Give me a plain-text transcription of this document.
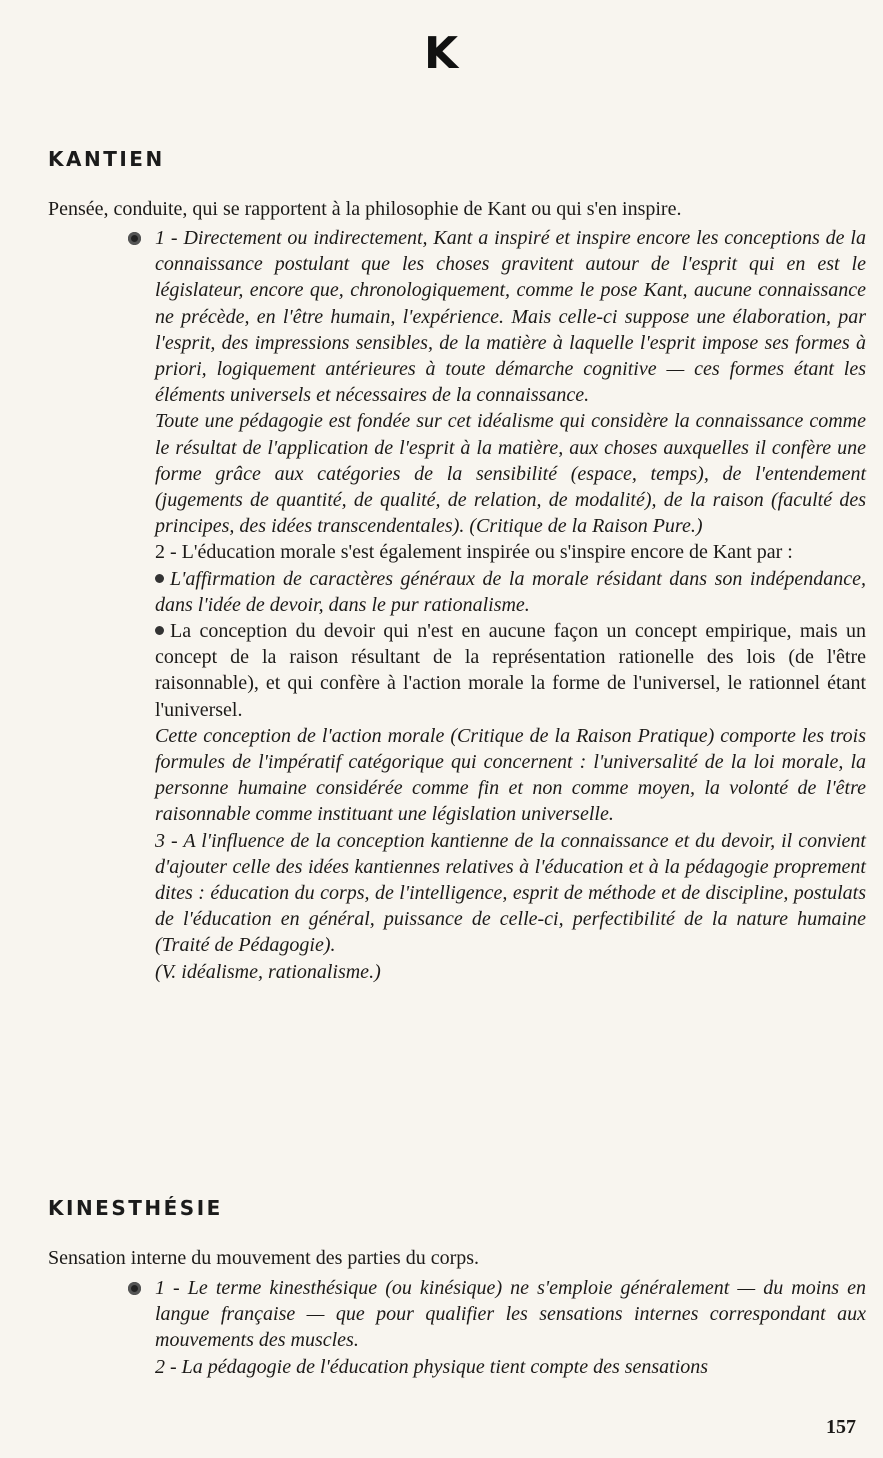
K
KANTIEN
Pensée, conduite, qui se rapportent à la philosophie de Kant ou qui s'en inspire.

1 - Directement ou indirectement, Kant a inspiré et inspire encore les conceptions de la connaissance postulant que les choses gravitent autour de l'esprit qui en est le législateur, encore que, chronologiquement, comme le pose Kant, aucune connaissance ne précède, en l'être humain, l'expérience. Mais celle-ci suppose une élaboration, par l'esprit, des impressions sensibles, de la matière à laquelle l'esprit impose ses formes à priori, logiquement antérieures à toute démarche cognitive — ces formes étant les éléments universels et nécessaires de la connaissance.

Toute une pédagogie est fondée sur cet idéalisme qui considère la connaissance comme le résultat de l'application de l'esprit à la matière, aux choses auxquelles il confère une forme grâce aux catégories de la sensibilité (espace, temps), de l'entendement (jugements de quantité, de qualité, de relation, de modalité), de la raison (faculté des principes, des idées transcendentales). (Critique de la Raison Pure.)

2 - L'éducation morale s'est également inspirée ou s'inspire encore de Kant par :

L'affirmation de caractères généraux de la morale résidant dans son indépendance, dans l'idée de devoir, dans le pur rationalisme.

La conception du devoir qui n'est en aucune façon un concept empirique, mais un concept de la raison résultant de la représentation rationelle des lois (de l'être raisonnable), et qui confère à l'action morale la forme de l'universel, le rationnel étant l'universel.

Cette conception de l'action morale (Critique de la Raison Pratique) comporte les trois formules de l'impératif catégorique qui concernent : l'universalité de la loi morale, la personne humaine considérée comme fin et non comme moyen, la volonté de l'être raisonnable comme instituant une législation universelle.

3 - A l'influence de la conception kantienne de la connaissance et du devoir, il convient d'ajouter celle des idées kantiennes relatives à l'éducation et à la pédagogie proprement dites : éducation du corps, de l'intelligence, esprit de méthode et de discipline, postulats de l'éducation en général, puissance de celle-ci, perfectibilité de la nature humaine (Traité de Pédagogie).

(V. idéalisme, rationalisme.)

KINESTHÉSIE
Sensation interne du mouvement des parties du corps.

1 - Le terme kinesthésique (ou kinésique) ne s'emploie généralement — du moins en langue française — que pour qualifier les sensations internes correspondant aux mouvements des muscles.

2 - La pédagogie de l'éducation physique tient compte des sensations

157
